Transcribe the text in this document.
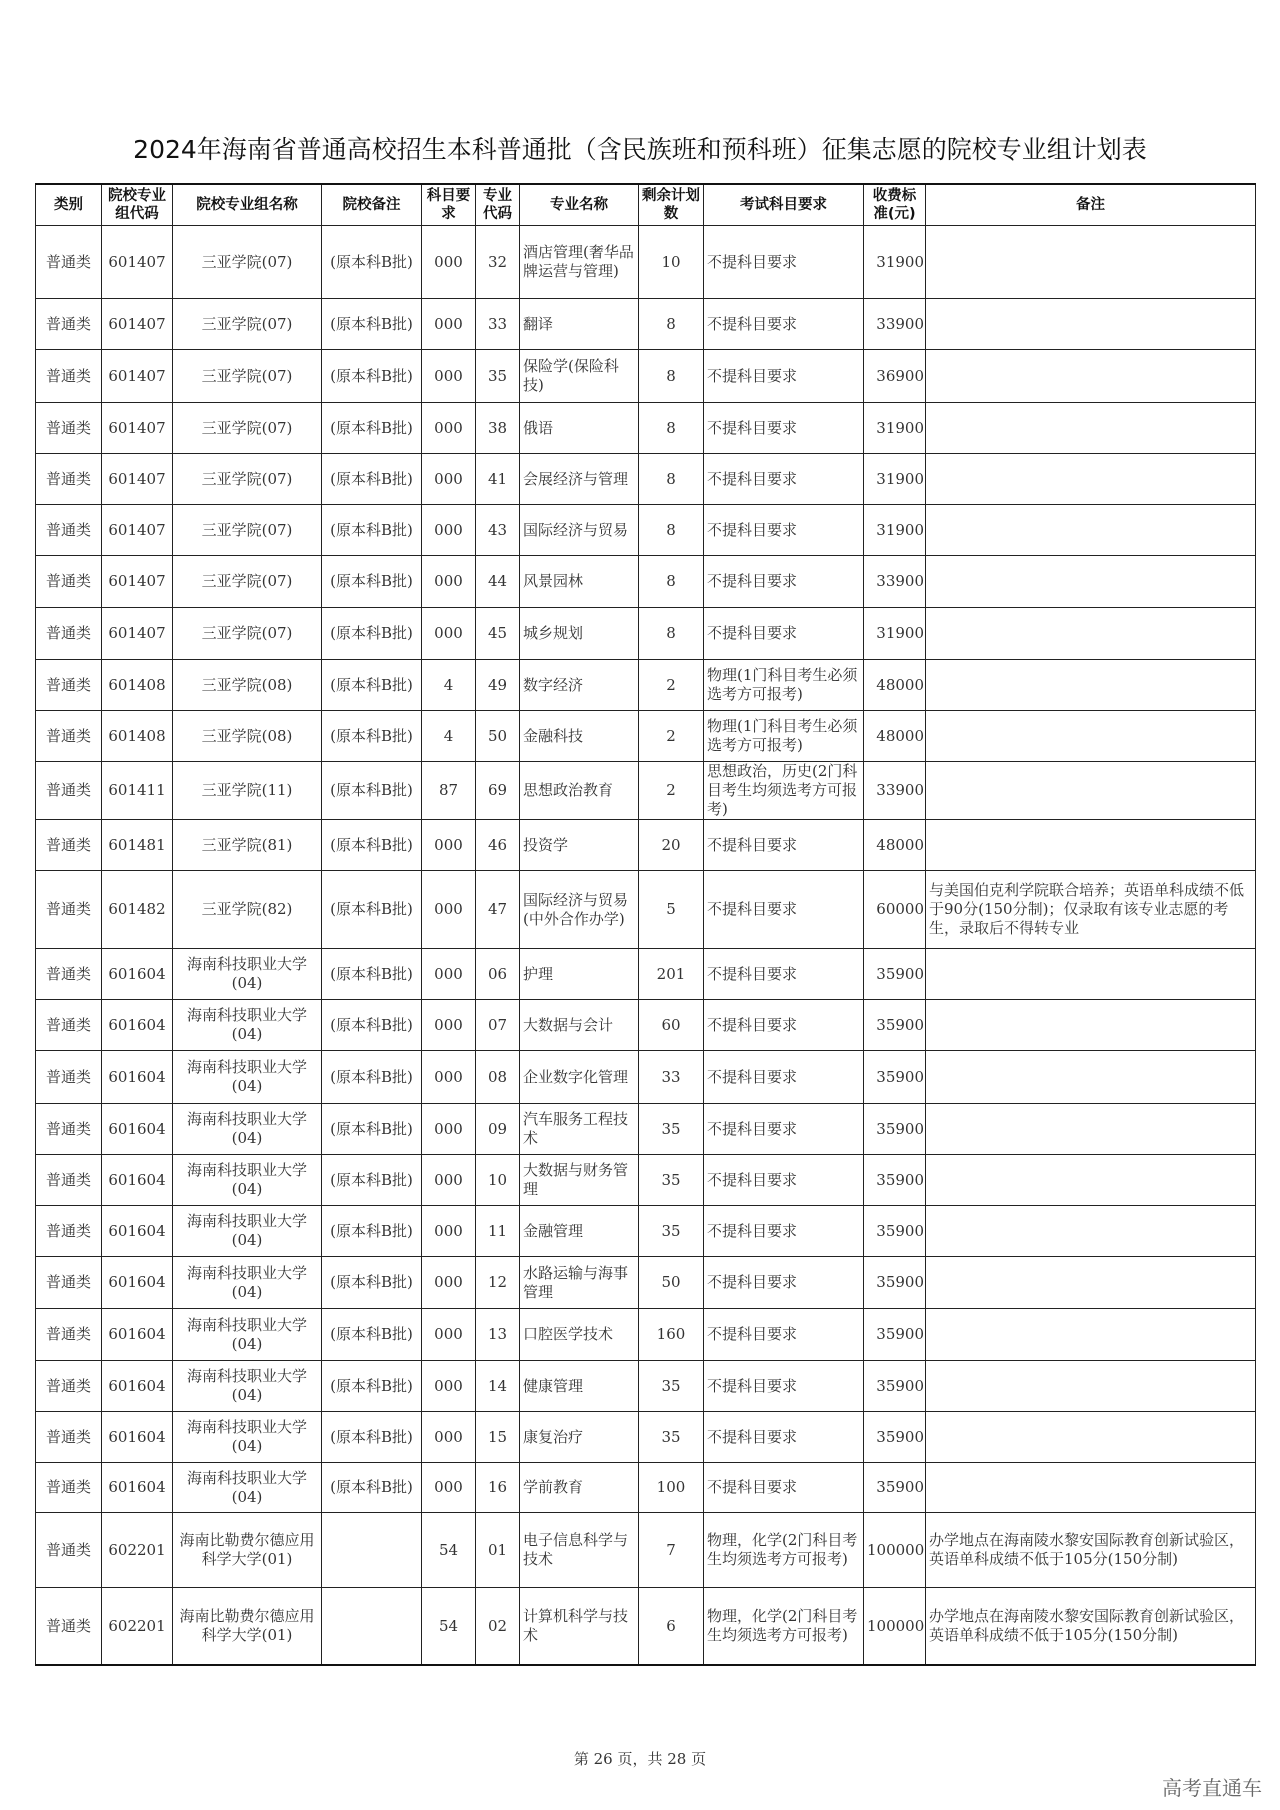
2024年海南省普通高校招生本科普通批（含民族班和预科班）征集志愿的院校专业组计划表
类别	院校专业组代码	院校专业组名称	院校备注	科目要求	专业代码	专业名称	剩余计划数	考试科目要求	收费标准(元)	备注

普通类	601407	三亚学院(07)	(原本科B批)	000	32	酒店管理(奢华品牌运营与管理)	10	不提科目要求	31900	

普通类	601407	三亚学院(07)	(原本科B批)	000	33	翻译	8	不提科目要求	33900	

普通类	601407	三亚学院(07)	(原本科B批)	000	35	保险学(保险科技)	8	不提科目要求	36900	

普通类	601407	三亚学院(07)	(原本科B批)	000	38	俄语	8	不提科目要求	31900	

普通类	601407	三亚学院(07)	(原本科B批)	000	41	会展经济与管理	8	不提科目要求	31900	

普通类	601407	三亚学院(07)	(原本科B批)	000	43	国际经济与贸易	8	不提科目要求	31900	

普通类	601407	三亚学院(07)	(原本科B批)	000	44	风景园林	8	不提科目要求	33900	

普通类	601407	三亚学院(07)	(原本科B批)	000	45	城乡规划	8	不提科目要求	31900	

普通类	601408	三亚学院(08)	(原本科B批)	4	49	数字经济	2	物理(1门科目考生必须选考方可报考)	48000	

普通类	601408	三亚学院(08)	(原本科B批)	4	50	金融科技	2	物理(1门科目考生必须选考方可报考)	48000	

普通类	601411	三亚学院(11)	(原本科B批)	87	69	思想政治教育	2	思想政治，历史(2门科目考生均须选考方可报考)	33900	

普通类	601481	三亚学院(81)	(原本科B批)	000	46	投资学	20	不提科目要求	48000	

普通类	601482	三亚学院(82)	(原本科B批)	000	47	国际经济与贸易(中外合作办学)	5	不提科目要求	60000	与美国伯克利学院联合培养；英语单科成绩不低于90分(150分制)；仅录取有该专业志愿的考生，录取后不得转专业

普通类	601604	海南科技职业大学(04)	(原本科B批)	000	06	护理	201	不提科目要求	35900	

普通类	601604	海南科技职业大学(04)	(原本科B批)	000	07	大数据与会计	60	不提科目要求	35900	

普通类	601604	海南科技职业大学(04)	(原本科B批)	000	08	企业数字化管理	33	不提科目要求	35900	

普通类	601604	海南科技职业大学(04)	(原本科B批)	000	09	汽车服务工程技术	35	不提科目要求	35900	

普通类	601604	海南科技职业大学(04)	(原本科B批)	000	10	大数据与财务管理	35	不提科目要求	35900	

普通类	601604	海南科技职业大学(04)	(原本科B批)	000	11	金融管理	35	不提科目要求	35900	

普通类	601604	海南科技职业大学(04)	(原本科B批)	000	12	水路运输与海事管理	50	不提科目要求	35900	

普通类	601604	海南科技职业大学(04)	(原本科B批)	000	13	口腔医学技术	160	不提科目要求	35900	

普通类	601604	海南科技职业大学(04)	(原本科B批)	000	14	健康管理	35	不提科目要求	35900	

普通类	601604	海南科技职业大学(04)	(原本科B批)	000	15	康复治疗	35	不提科目要求	35900	

普通类	601604	海南科技职业大学(04)	(原本科B批)	000	16	学前教育	100	不提科目要求	35900	

普通类	602201	海南比勒费尔德应用科学大学(01)		54	01	电子信息科学与技术	7	物理，化学(2门科目考生均须选考方可报考)	100000	办学地点在海南陵水黎安国际教育创新试验区，英语单科成绩不低于105分(150分制)

普通类	602201	海南比勒费尔德应用科学大学(01)		54	02	计算机科学与技术	6	物理，化学(2门科目考生均须选考方可报考)	100000	办学地点在海南陵水黎安国际教育创新试验区，英语单科成绩不低于105分(150分制)
第 26 页，共 28 页
高考直通车
